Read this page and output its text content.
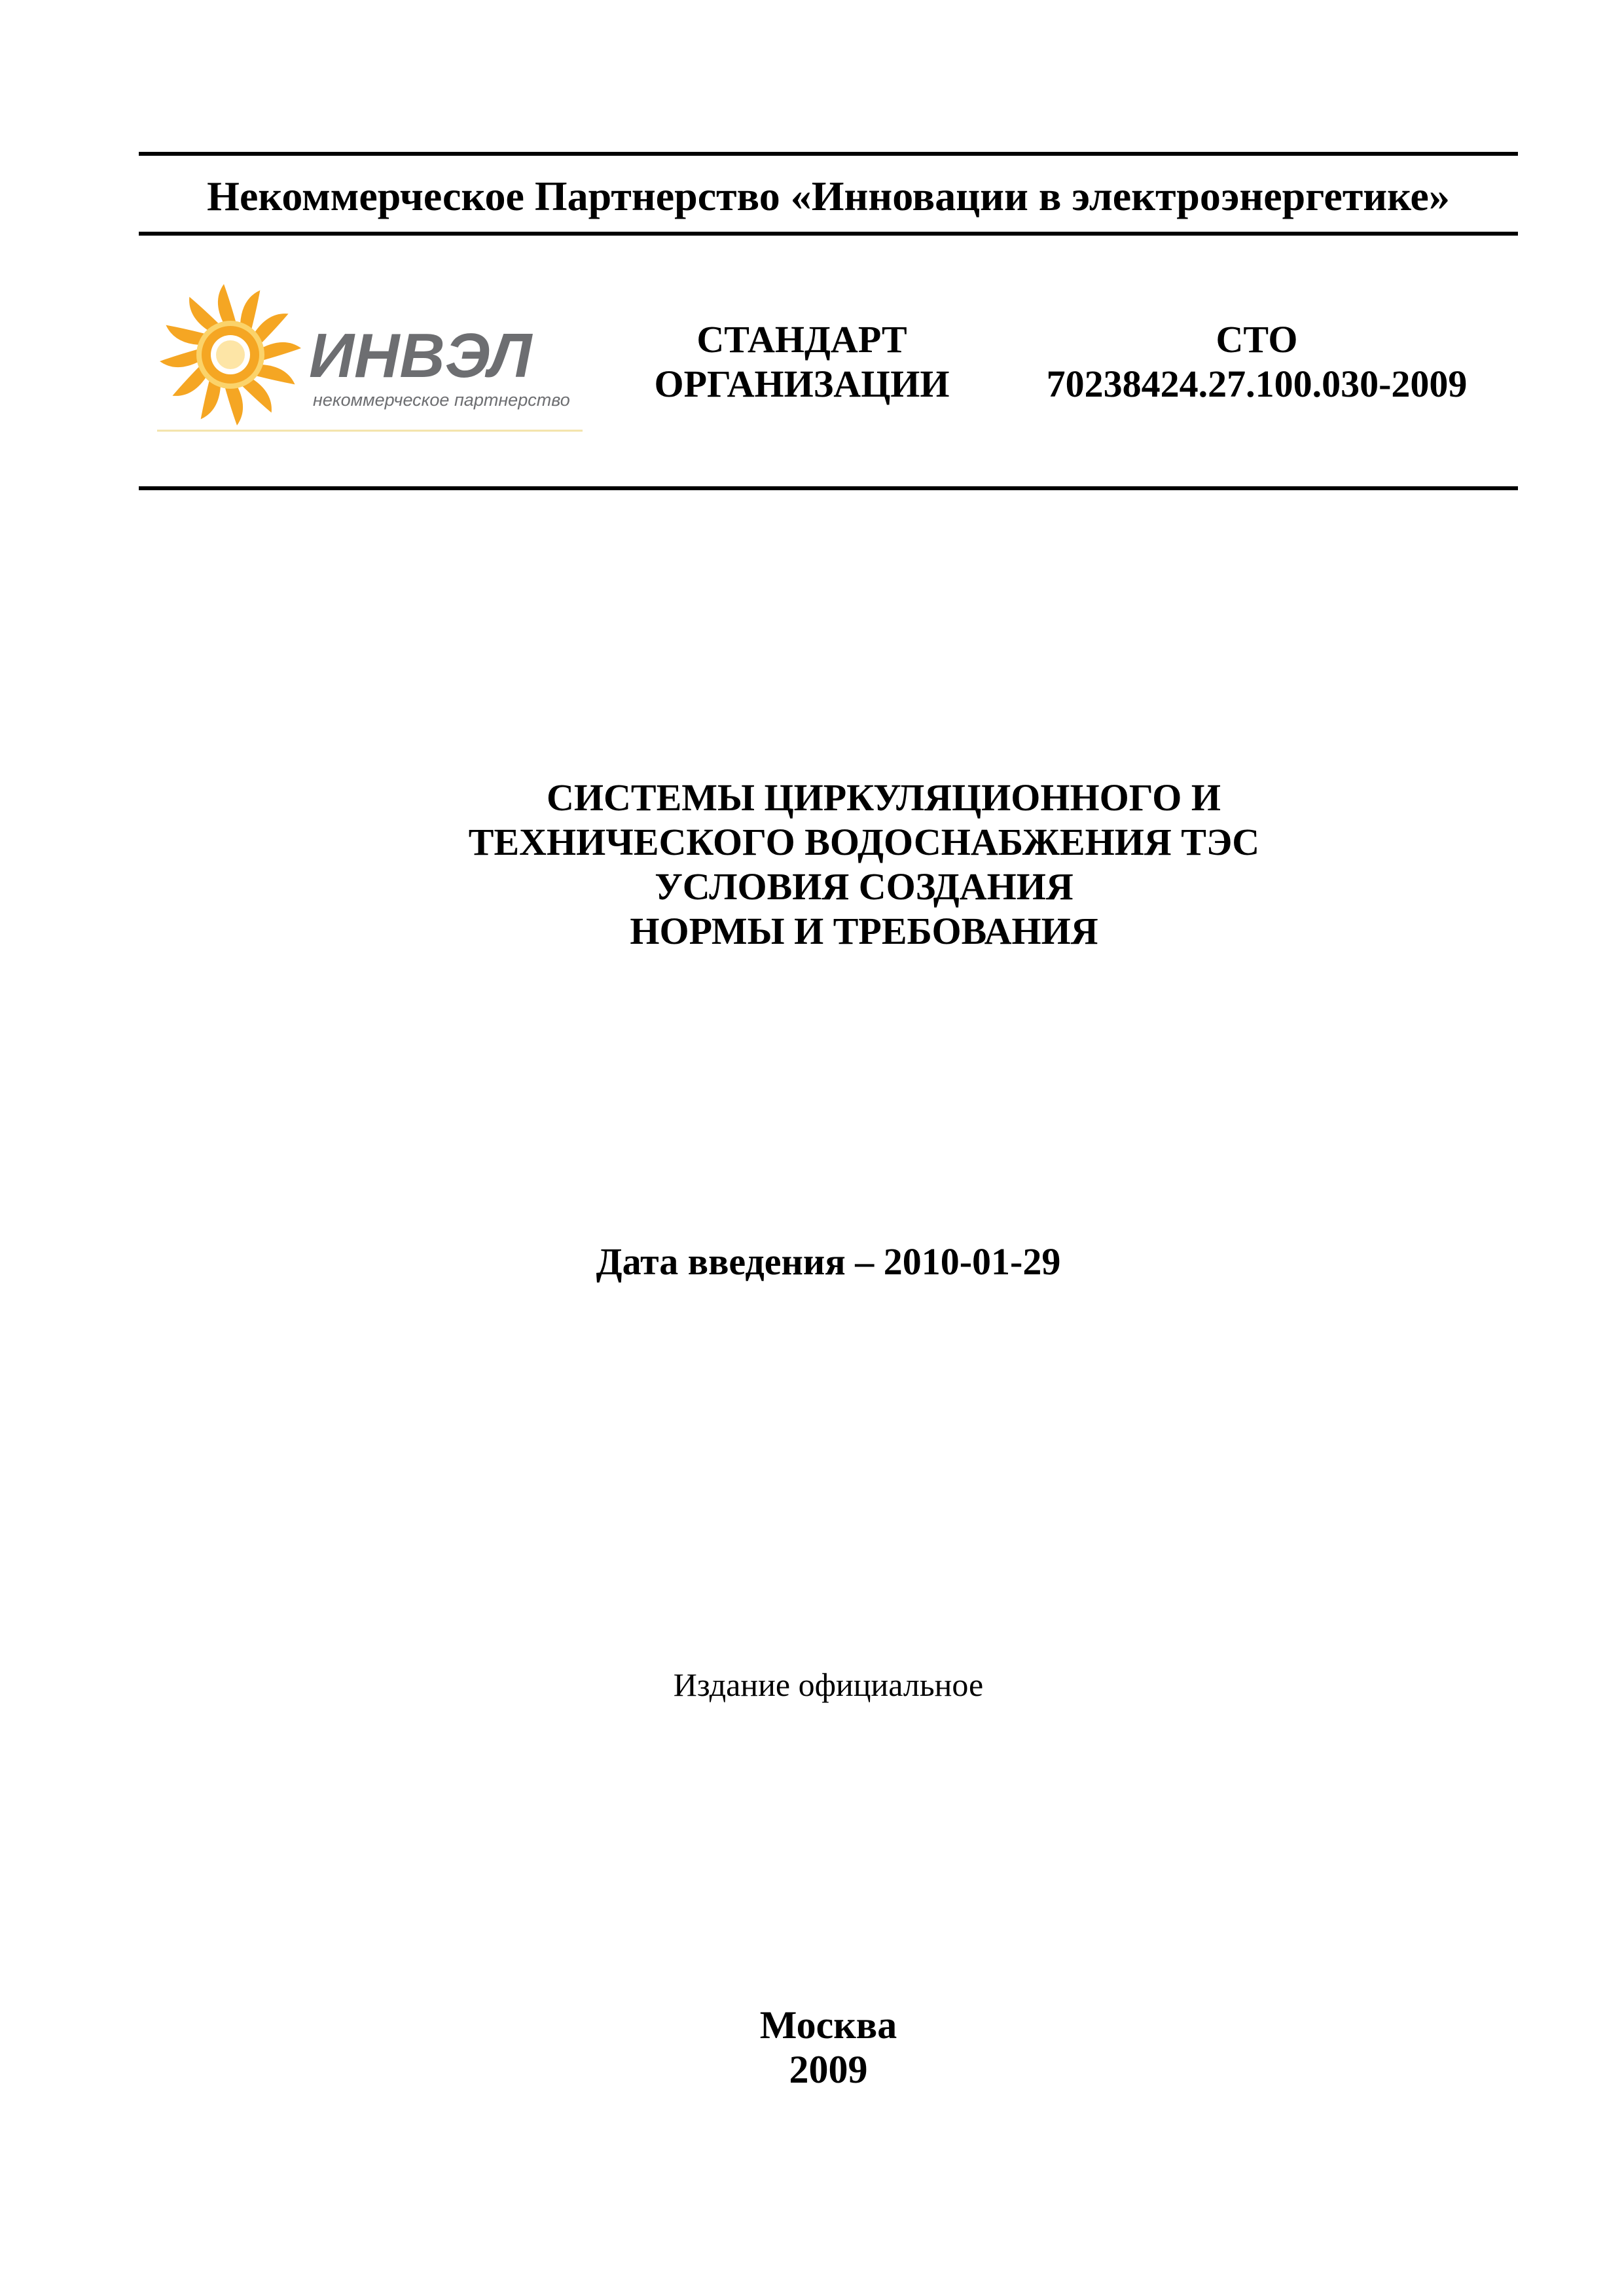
Некоммерческое Партнерство «Инновации в электроэнергетике»
ИНВЭЛ
некоммерческое партнерство
СТАНДАРТ
ОРГАНИЗАЦИИ
СТО
70238424.27.100.030-2009
СИСТЕМЫ ЦИРКУЛЯЦИОННОГО И
ТЕХНИЧЕСКОГО ВОДОСНАБЖЕНИЯ ТЭС
УСЛОВИЯ СОЗДАНИЯ
НОРМЫ И ТРЕБОВАНИЯ
Дата введения – 2010-01-29
Издание официальное
Москва
2009
